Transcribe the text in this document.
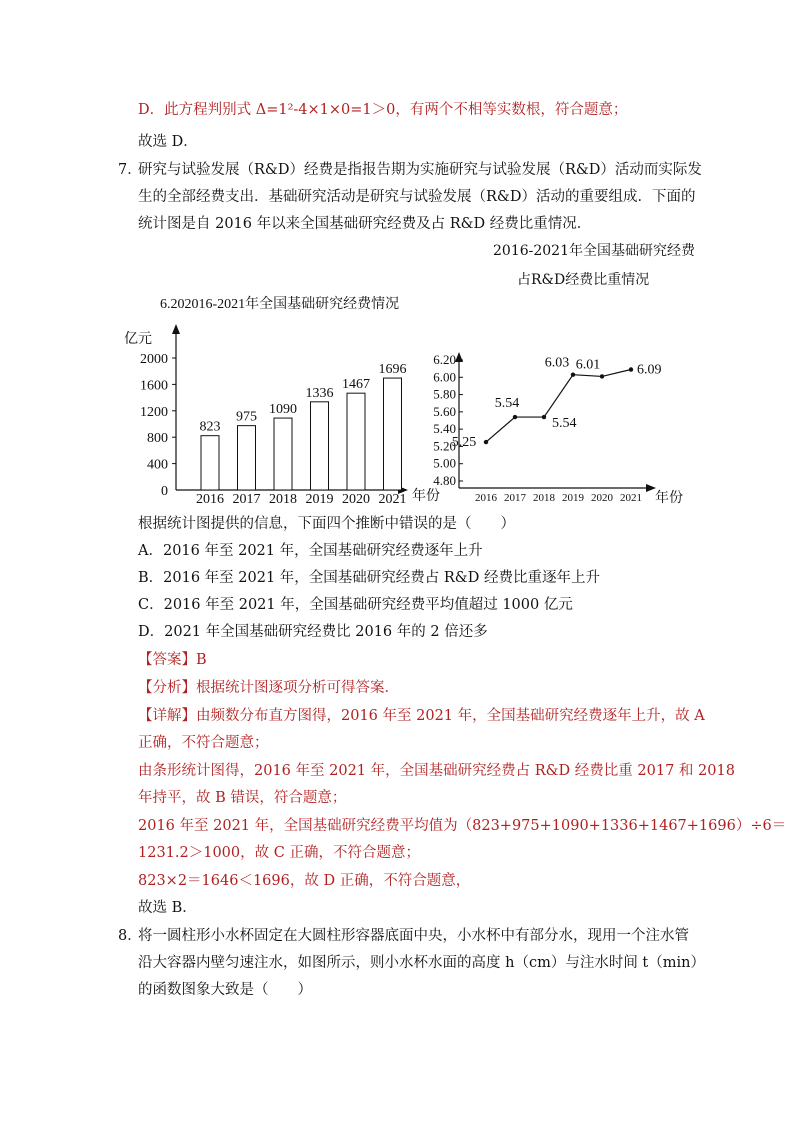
D．此方程判别式 Δ=1²-4×1×0=1＞0，有两个不相等实数根，符合题意；
故选 D．
7．
研究与试验发展（R&D）经费是指报告期为实施研究与试验发展（R&D）活动而实际发
生的全部经费支出．基础研究活动是研究与试验发展（R&D）活动的重要组成．下面的
统计图是自 2016 年以来全国基础研究经费及占 R&D 经费比重情况．
2016-2021年全国基础研究经费
占R&D经费比重情况
6.202016-2021年全国基础研究经费情况
亿元
年份
0
400
800
1200
1600
2000
823
2016
975
2017
1090
2018
1336
2019
1467
2020
1696
2021	年份
4.80
5.00
5.20
5.40
5.60
5.80
6.00
6.20
5.25
2016
5.54
2017
5.54
2018
6.03
2019
6.01
2020
6.09
2021
根据统计图提供的信息，下面四个推断中错误的是（　　）
A．2016 年至 2021 年，全国基础研究经费逐年上升
B．2016 年至 2021 年，全国基础研究经费占 R&D 经费比重逐年上升
C．2016 年至 2021 年，全国基础研究经费平均值超过 1000 亿元
D．2021 年全国基础研究经费比 2016 年的 2 倍还多
【答案】B
【分析】根据统计图逐项分析可得答案．
【详解】由频数分布直方图得，2016 年至 2021 年，全国基础研究经费逐年上升，故 A
正确，不符合题意；
由条形统计图得，2016 年至 2021 年，全国基础研究经费占 R&D 经费比重 2017 和 2018
年持平，故 B 错误，符合题意；
2016 年至 2021 年，全国基础研究经费平均值为（823+975+1090+1336+1467+1696）÷6＝
1231.2＞1000，故 C 正确，不符合题意；
823×2＝1646＜1696，故 D 正确，不符合题意，
故选 B．
8．
将一圆柱形小水杯固定在大圆柱形容器底面中央，小水杯中有部分水，现用一个注水管
沿大容器内壁匀速注水，如图所示，则小水杯水面的高度 h（cm）与注水时间 t（min）
的函数图象大致是（　　）
